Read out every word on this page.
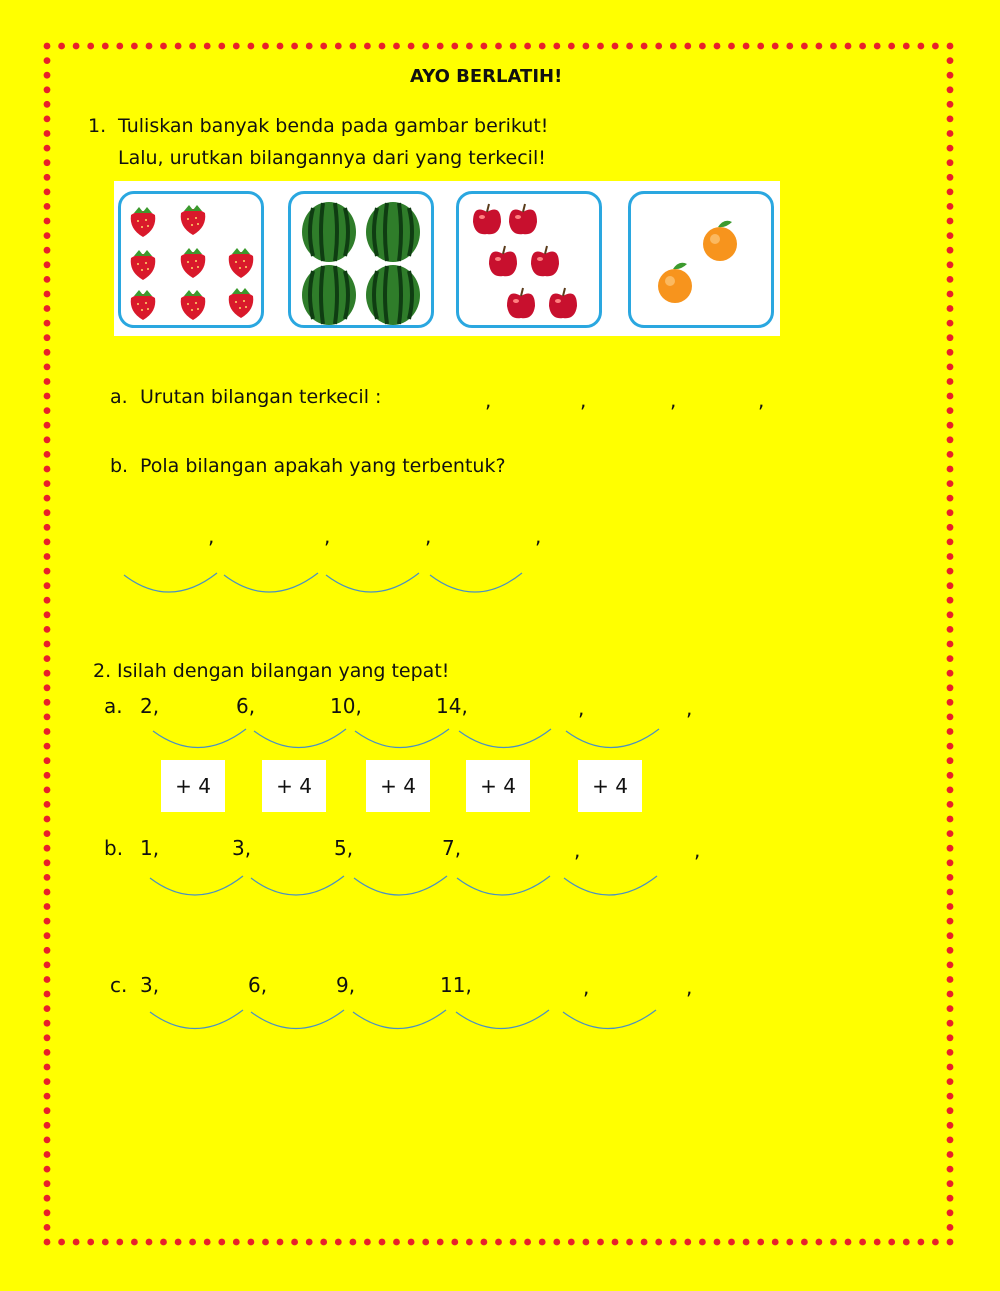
AYO BERLATIH!
1. Tuliskan banyak benda pada gambar berikut!
Lalu, urutkan bilangannya dari yang terkecil!
a. Urutan bilangan terkecil :	,	,	,	,
b. Pola bilangan apakah yang terbentuk?
,	,	,	,
2. Isilah dengan bilangan yang tepat!
a. 2,	6,	10,	14,	,	,
+ 4	+ 4	+ 4	+ 4	+ 4
b. 1,	3,	5,	7,	,	,
c. 3,	6,	9,	11,	,	,
